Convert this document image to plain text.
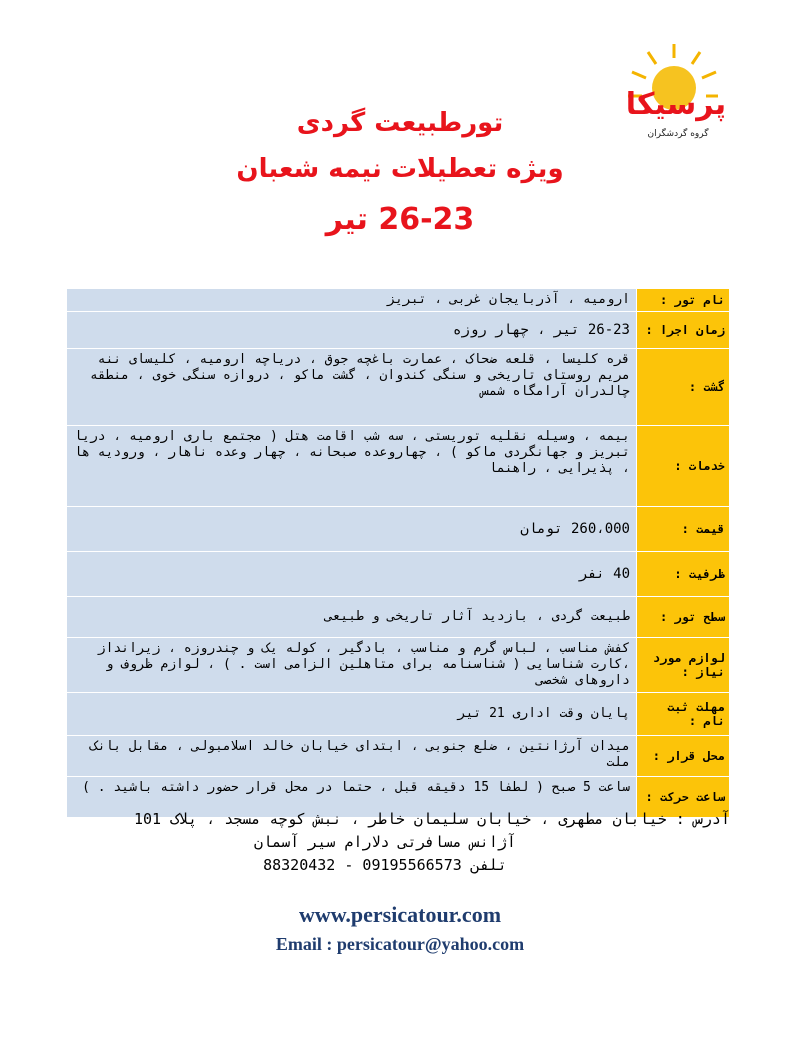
پرسیکا
گروه گردشگران
تورطبیعت گردی
ویژه تعطیلات نیمه شعبان
26-23 تیر
نام تور :	ارومیه ، آذربایجان غربی ، تبریز
زمان اجرا :	26-23 تیر ، چهار روزه
گشت :	قره کلیسا ، قلعه ضحاک ، عمارت باغچه جوق ، دریاچه ارومیه ، کلیسای ننه مریم روستای تاریخی و سنگی کندوان ، گشت ماکو ، دروازه سنگی خوی ، منطقه چالدران آرامگاه شمس
خدمات :	بیمه ، وسیله نقلیه توریستی ، سه شب اقامت هتل ( مجتمع باری ارومیه ، دریا تبریز و جهانگردی ماکو ) ، چهاروعده صبحانه ، چهار وعده ناهار ، ورودیه ها ، پذیرایی ، راهنما
قیمت :	260،000 تومان
ظرفیت :	40 نفر
سطح تور :	طبیعت گردی ، بازدید آثار تاریخی و طبیعی
لوازم مورد نیاز :	کفش مناسب ، لباس گرم و مناسب ، بادگیر ، کوله یک و چندروزه ، زیرانداز ،کارت شناسایی ( شناسنامه برای متاهلین الزامی است . ) ، لوازم ظروف و داروهای شخصی
مهلت ثبت نام :	پایان وقت اداری 21 تیر
محل قرار :	میدان آرژانتین ، ضلع جنوبی ، ابتدای خیابان خالد اسلامبولی ، مقابل بانک ملت
ساعت حرکت :	ساعت 5 صبح ( لطفا 15 دقیقه قبل ، حتما در محل قرار حضور داشته باشید . )
آدرس : خیابان مطهری ، خیابان سلیمان خاطر ، نبش کوچه مسجد ، پلاک 101
آژانس مسافرتی دلارام سیر آسمان
تلفن 09195566573 - 88320432
www.persicatour.com
Email : persicatour@yahoo.com
